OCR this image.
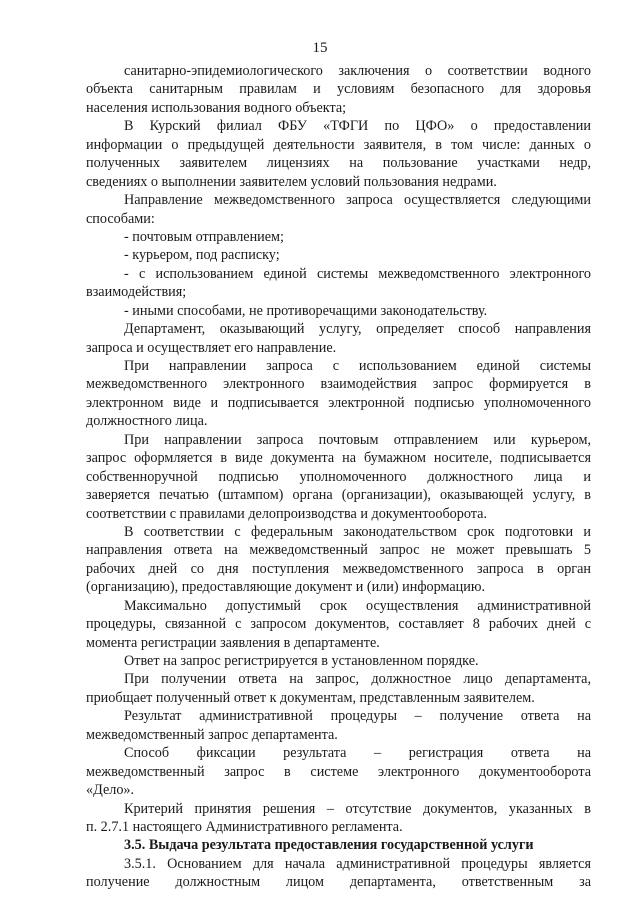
15
санитарно-эпидемиологического заключения о соответствии водного
объекта санитарным правилам и условиям безопасного для здоровья
населения использования водного объекта;
В Курский филиал ФБУ «ТФГИ по ЦФО» о предоставлении
информации о предыдущей деятельности заявителя, в том числе: данных о
полученных заявителем лицензиях на пользование участками недр,
сведениях о выполнении заявителем условий пользования недрами.
Направление межведомственного запроса осуществляется следующими
способами:
- почтовым отправлением;
- курьером, под расписку;
- с использованием единой системы межведомственного электронного
взаимодействия;
- иными способами, не противоречащими законодательству.
Департамент, оказывающий услугу, определяет способ направления
запроса и осуществляет его направление.
При направлении запроса с использованием единой системы
межведомственного электронного взаимодействия запрос формируется в
электронном виде и подписывается электронной подписью уполномоченного
должностного лица.
При направлении запроса почтовым отправлением или курьером,
запрос оформляется в виде документа на бумажном носителе, подписывается
собственноручной подписью уполномоченного должностного лица и
заверяется печатью (штампом) органа (организации), оказывающей услугу, в
соответствии с правилами делопроизводства и документооборота.
В соответствии с федеральным законодательством срок подготовки и
направления ответа на межведомственный запрос не может превышать 5
рабочих дней со дня поступления межведомственного запроса в орган
(организацию), предоставляющие документ и (или) информацию.
Максимально допустимый срок осуществления административной
процедуры, связанной с запросом документов, составляет 8 рабочих дней с
момента регистрации заявления в департаменте.
Ответ на запрос регистрируется в установленном порядке.
При получении ответа на запрос, должностное лицо департамента,
приобщает полученный ответ к документам, представленным заявителем.
Результат административной процедуры – получение ответа на
межведомственный запрос департамента.
Способ фиксации результата – регистрация ответа на
межведомственный запрос в системе электронного документооборота
«Дело».
Критерий принятия решения – отсутствие документов, указанных в
п. 2.7.1 настоящего Административного регламента.
3.5. Выдача результата предоставления государственной услуги
3.5.1. Основанием для начала административной процедуры является
получение должностным лицом департамента, ответственным за
